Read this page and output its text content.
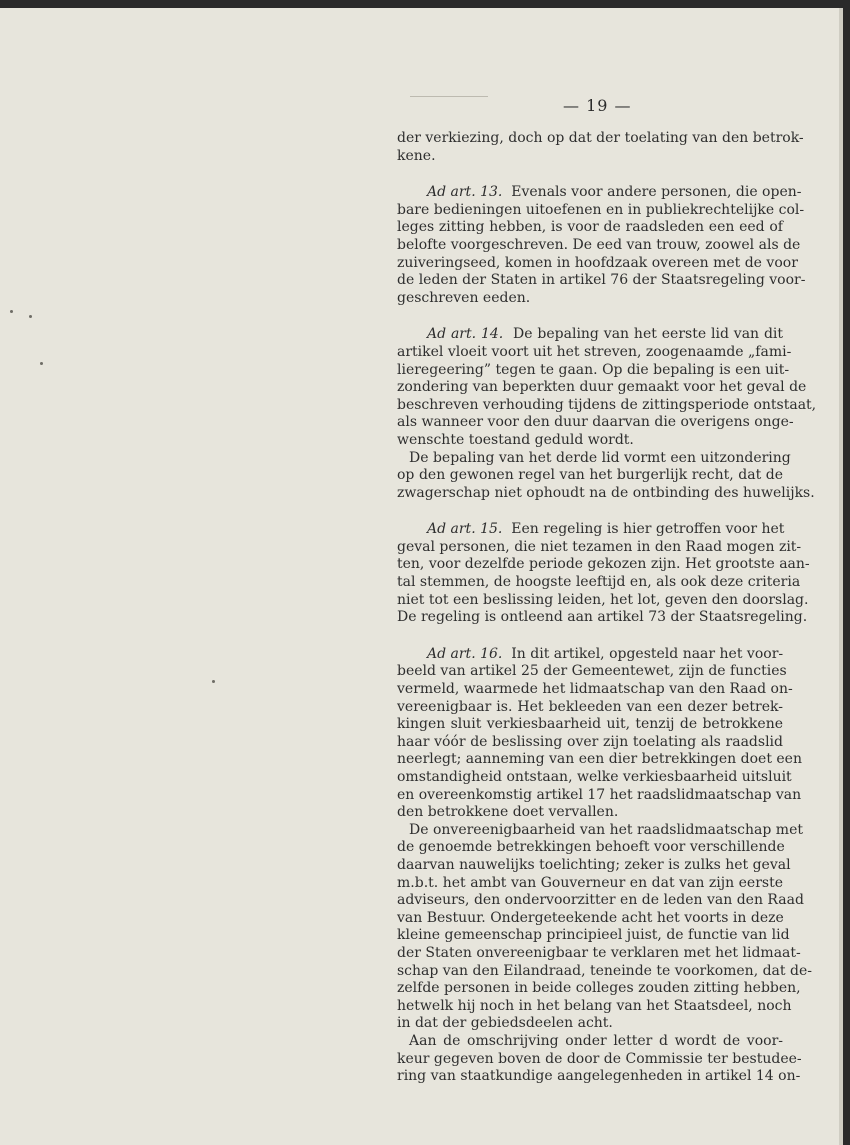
— 19 —
der verkiezing, doch op dat der toelating van den betrok-
kene.
Ad art. 13. Evenals voor andere personen, die open-
bare bedieningen uitoefenen en in publiekrechtelijke col-
leges zitting hebben, is voor de raadsleden een eed of
belofte voorgeschreven. De eed van trouw, zoowel als de
zuiveringseed, komen in hoofdzaak overeen met de voor
de leden der Staten in artikel 76 der Staatsregeling voor-
geschreven eeden.
Ad art. 14. De bepaling van het eerste lid van dit
artikel vloeit voort uit het streven, zoogenaamde „fami-
lieregeering” tegen te gaan. Op die bepaling is een uit-
zondering van beperkten duur gemaakt voor het geval de
beschreven verhouding tijdens de zittingsperiode ontstaat,
als wanneer voor den duur daarvan die overigens onge-
wenschte toestand geduld wordt.
De bepaling van het derde lid vormt een uitzondering
op den gewonen regel van het burgerlijk recht, dat de
zwagerschap niet ophoudt na de ontbinding des huwelijks.
Ad art. 15. Een regeling is hier getroffen voor het
geval personen, die niet tezamen in den Raad mogen zit-
ten, voor dezelfde periode gekozen zijn. Het grootste aan-
tal stemmen, de hoogste leeftijd en, als ook deze criteria
niet tot een beslissing leiden, het lot, geven den doorslag.
De regeling is ontleend aan artikel 73 der Staatsregeling.
Ad art. 16. In dit artikel, opgesteld naar het voor-
beeld van artikel 25 der Gemeentewet, zijn de functies
vermeld, waarmede het lidmaatschap van den Raad on-
vereenigbaar is. Het bekleeden van een dezer betrek-
kingen sluit verkiesbaarheid uit, tenzij de betrokkene
haar vóór de beslissing over zijn toelating als raadslid
neerlegt; aanneming van een dier betrekkingen doet een
omstandigheid ontstaan, welke verkiesbaarheid uitsluit
en overeenkomstig artikel 17 het raadslidmaatschap van
den betrokkene doet vervallen.
De onvereenigbaarheid van het raadslidmaatschap met
de genoemde betrekkingen behoeft voor verschillende
daarvan nauwelijks toelichting; zeker is zulks het geval
m.b.t. het ambt van Gouverneur en dat van zijn eerste
adviseurs, den ondervoorzitter en de leden van den Raad
van Bestuur. Ondergeteekende acht het voorts in deze
kleine gemeenschap principieel juist, de functie van lid
der Staten onvereenigbaar te verklaren met het lidmaat-
schap van den Eilandraad, teneinde te voorkomen, dat de-
zelfde personen in beide colleges zouden zitting hebben,
hetwelk hij noch in het belang van het Staatsdeel, noch
in dat der gebiedsdeelen acht.
Aan de omschrijving onder letter d wordt de voor-
keur gegeven boven de door de Commissie ter bestudee-
ring van staatkundige aangelegenheden in artikel 14 on-
